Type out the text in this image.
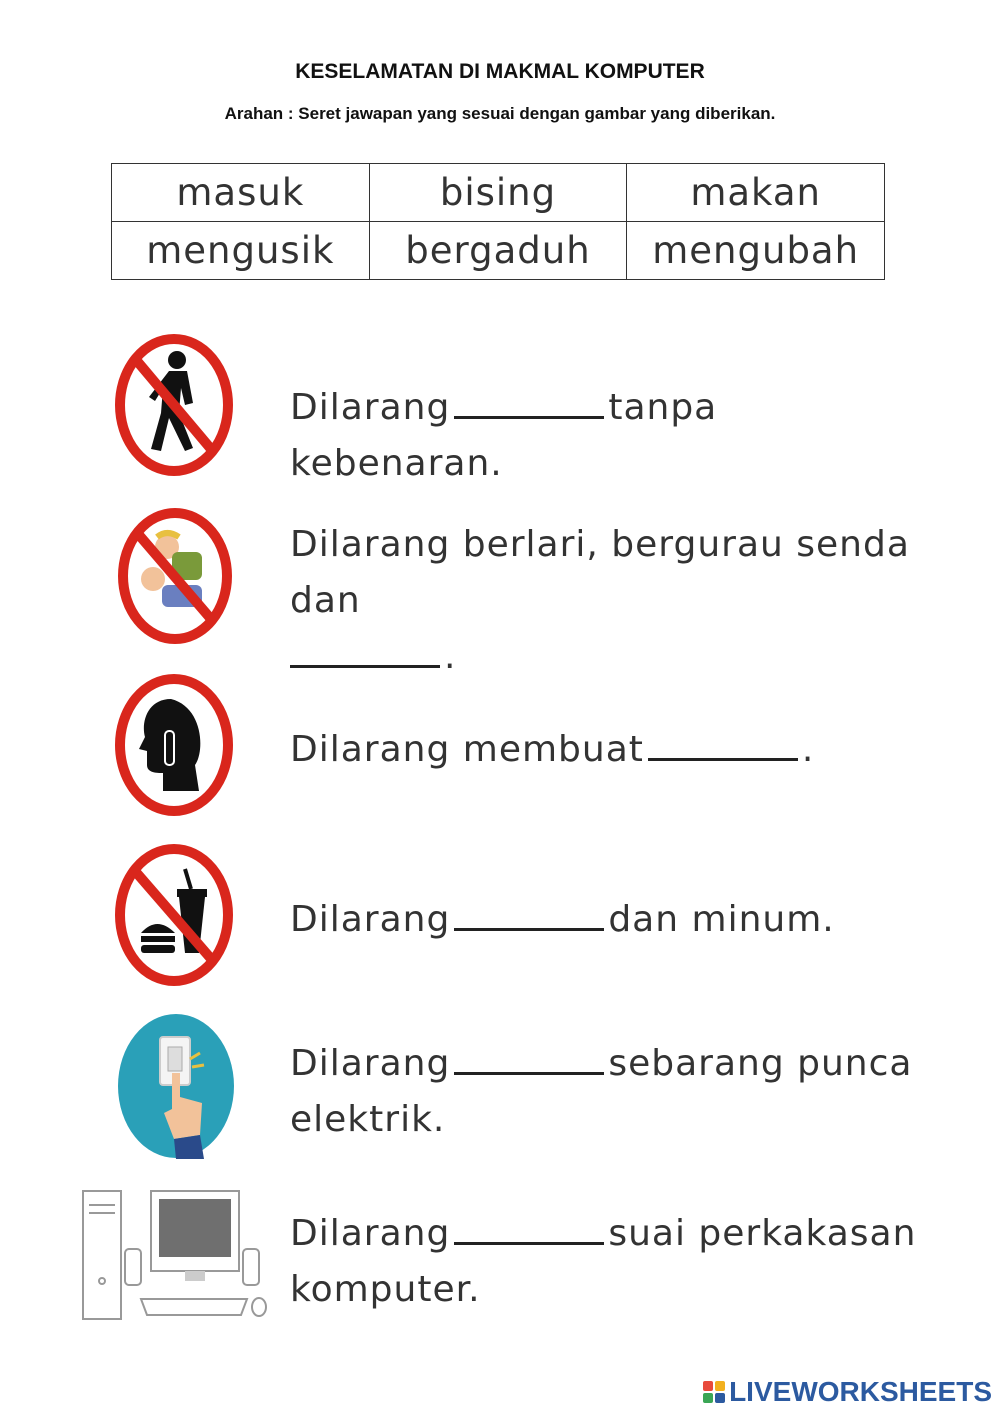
KESELAMATAN DI MAKMAL KOMPUTER
Arahan : Seret jawapan yang sesuai dengan gambar yang diberikan.
masuk	bising	makan
mengusik	bergaduh	mengubah
Dilarang	tanpa kebenaran.
Dilarang berlari, bergurau senda dan
.
Dilarang membuat	.
Dilarang	dan minum.
Dilarang	sebarang punca elektrik.
Dilarang	suai perkakasan komputer.
LIVEWORKSHEETS
